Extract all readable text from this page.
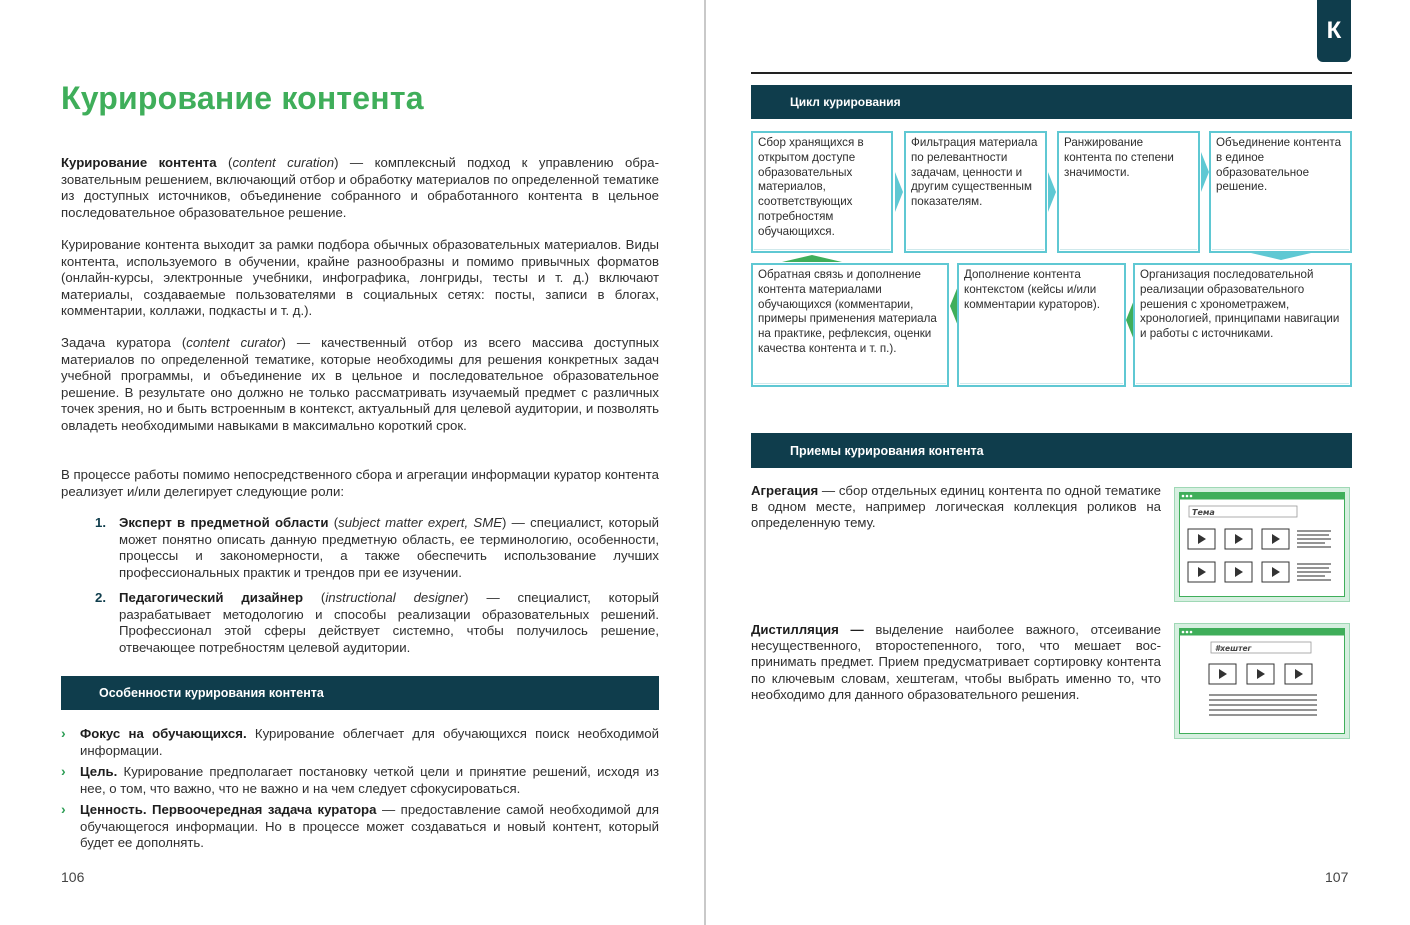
Курирование контента
Курирование контента (content curation) — комплексный подход к управлению образовательным решением, включающий отбор и обработку материалов по определенной тематике из доступных источников, объединение собранного и обработанного контента в цельное последовательное образовательное решение.
Курирование контента выходит за рамки подбора обычных образовательных материалов. Виды контента, используемого в обучении, крайне разнообразны и помимо привычных форматов (онлайн-курсы, электронные учебники, инфографика, лонгриды, тесты и т. д.) включают материалы, создаваемые пользователями в социальных сетях: посты, записи в блогах, комментарии, коллажи, подкасты и т. д.).
Задача куратора (content curator) — качественный отбор из всего массива доступных материалов по определенной тематике, которые необходимы для решения конкретных задач учебной программы, и объединение их в цельное и последовательное образовательное решение. В результате оно должно не только рассматривать изучаемый предмет с различных точек зрения, но и быть встроенным в контекст, актуальный для целевой аудитории, и позволять овладеть необходимыми навыками в максимально короткий срок.
В процессе работы помимо непосредственного сбора и агрегации информации куратор контента реализует и/или делегирует следующие роли:
1. Эксперт в предметной области (subject matter expert, SME) — специалист, который может понятно описать данную предметную область, ее терминологию, особенности, процессы и закономерности, а также обеспечить использование лучших профессиональных практик и трендов при ее изучении.
2. Педагогический дизайнер (instructional designer) — специалист, который разрабатывает методологию и способы реализации образовательных решений. Профессионал этой сферы действует системно, чтобы получилось решение, отвечающее потребностям целевой аудитории.
Особенности курирования контента
› Фокус на обучающихся. Курирование облегчает для обучающихся поиск необходимой информации.
› Цель. Курирование предполагает постановку четкой цели и принятие решений, исходя из нее, о том, что важно, что не важно и на чем следует сфокусироваться.
› Ценность. Первоочередная задача куратора — предоставление самой необходимой для обучающегося информации. Но в процессе может создаваться и новый контент, который будет ее дополнять.
106
К
Цикл курирования
Сбор хранящихся в открытом доступе образовательных материалов, соответствующих потребностям обучающихся.
Фильтрация материала по релевантности задачам, ценности и другим существенным показателям.
Ранжирование контента по степени значимости.
Объединение контента в единое образовательное решение.
Обратная связь и дополнение контента материалами обучающихся (комментарии, примеры применения материала на практике, рефлексия, оценки качества контента и т. п.).
Дополнение контента контекстом (кейсы и/или комментарии кураторов).
Организация последовательной реализации образовательного решения с хронометражем, хронологией, принципами навигации и работы с источниками.
Приемы курирования контента
Агрегация — сбор отдельных единиц контента по одной тематике в одном месте, например логическая коллекция роликов на определенную тему.
Тема
Дистилляция — выделение наиболее важного, отсеивание несущественного, второстепенного, того, что мешает воспринимать предмет. Прием предусматривает сортировку контента по ключевым словам, хештегам, чтобы выбрать именно то, что необходимо для данного образовательного решения.
#хештег
107
